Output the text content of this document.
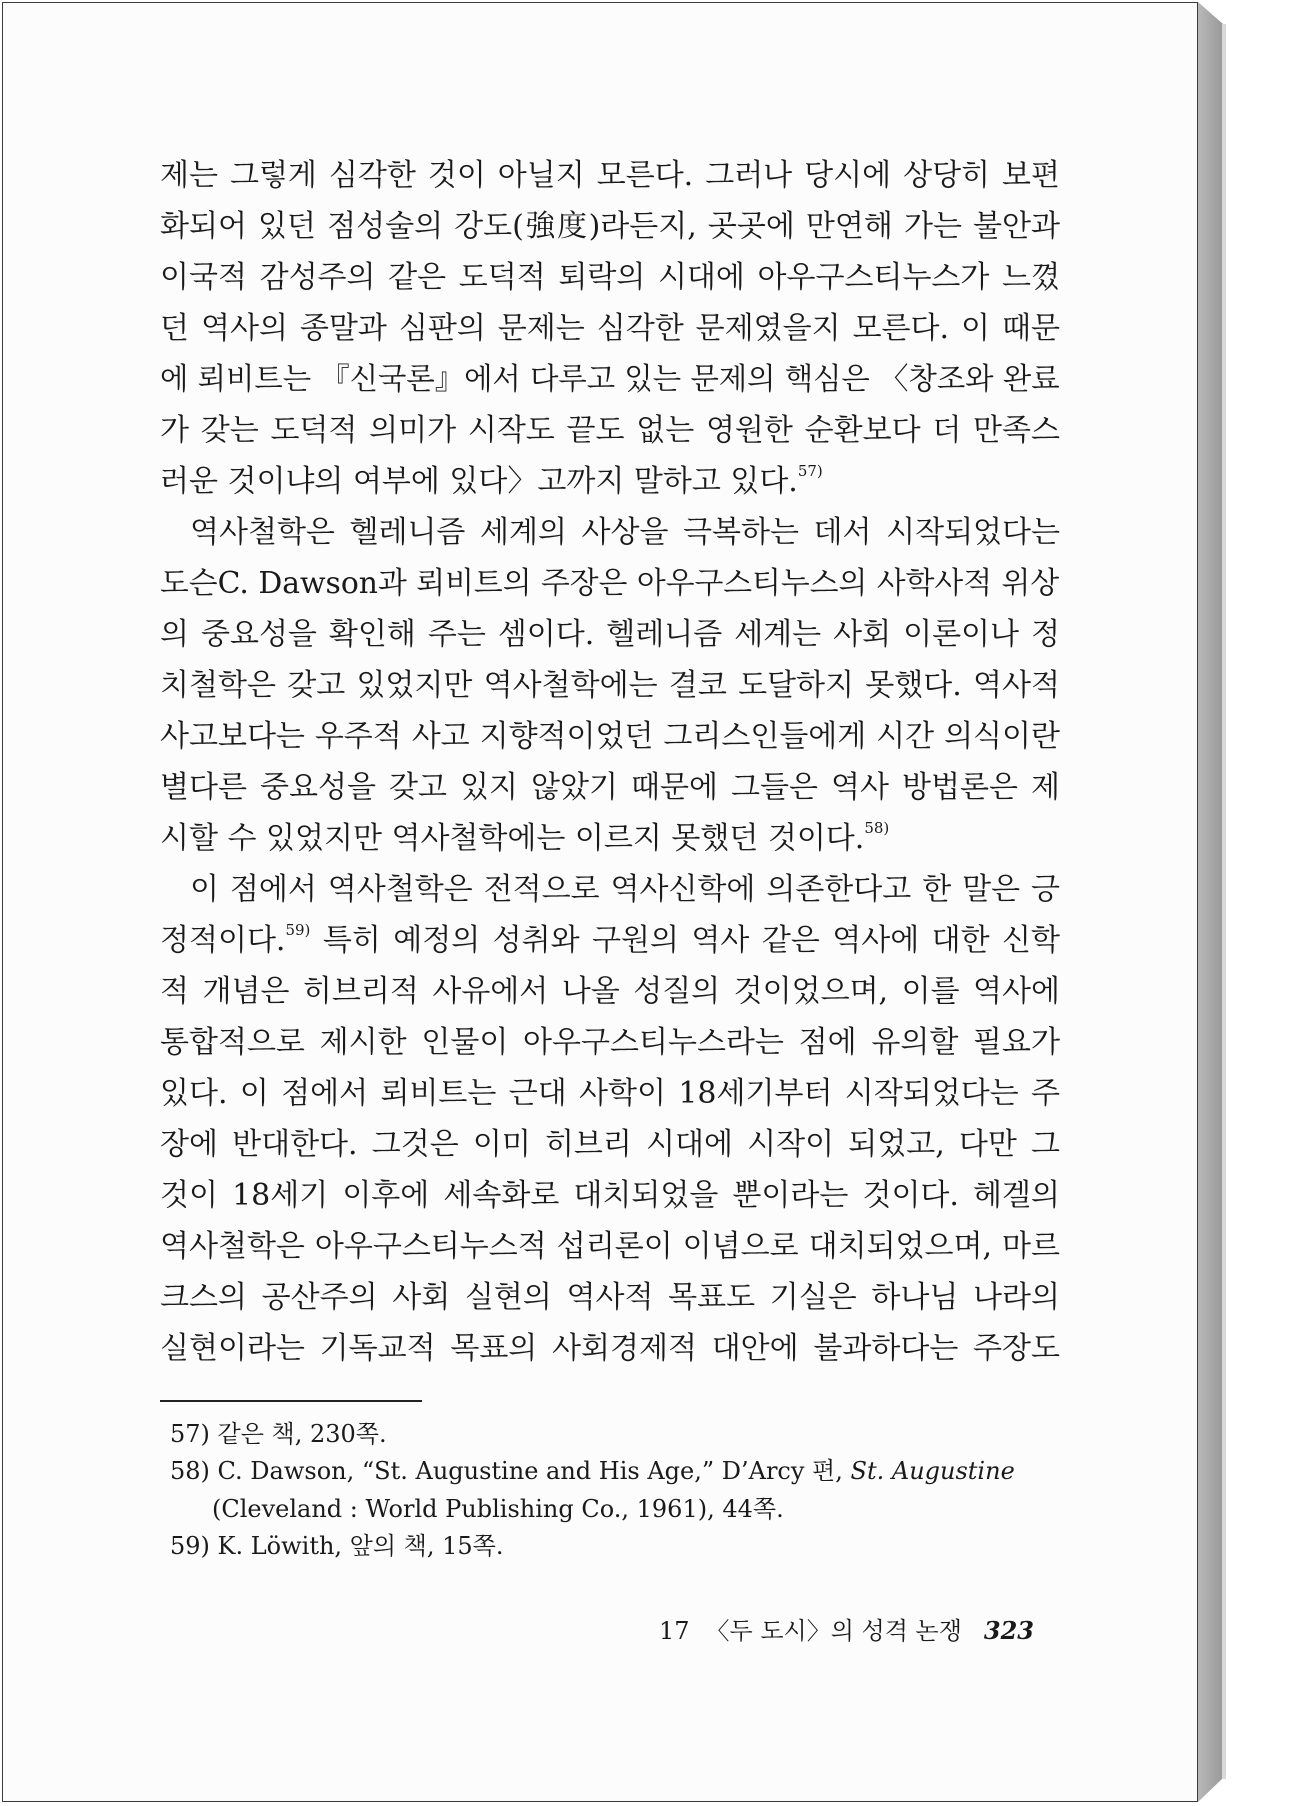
제는 그렇게 심각한 것이 아닐지 모른다. 그러나 당시에 상당히 보편
화되어 있던 점성술의 강도(強度)라든지, 곳곳에 만연해 가는 불안과
이국적 감성주의 같은 도덕적 퇴락의 시대에 아우구스티누스가 느꼈
던 역사의 종말과 심판의 문제는 심각한 문제였을지 모른다. 이 때문
에 뢰비트는 『신국론』에서 다루고 있는 문제의 핵심은 〈창조와 완료
가 갖는 도덕적 의미가 시작도 끝도 없는 영원한 순환보다 더 만족스
러운 것이냐의 여부에 있다〉고까지 말하고 있다.$^{57)}$
역사철학은 헬레니즘 세계의 사상을 극복하는 데서 시작되었다는
도슨C. Dawson과 뢰비트의 주장은 아우구스티누스의 사학사적 위상
의 중요성을 확인해 주는 셈이다. 헬레니즘 세계는 사회 이론이나 정
치철학은 갖고 있었지만 역사철학에는 결코 도달하지 못했다. 역사적
사고보다는 우주적 사고 지향적이었던 그리스인들에게 시간 의식이란
별다른 중요성을 갖고 있지 않았기 때문에 그들은 역사 방법론은 제
시할 수 있었지만 역사철학에는 이르지 못했던 것이다.$^{58)}$
이 점에서 역사철학은 전적으로 역사신학에 의존한다고 한 말은 긍
정적이다.$^{59)}$ 특히 예정의 성취와 구원의 역사 같은 역사에 대한 신학
적 개념은 히브리적 사유에서 나올 성질의 것이었으며, 이를 역사에
통합적으로 제시한 인물이 아우구스티누스라는 점에 유의할 필요가
있다. 이 점에서 뢰비트는 근대 사학이 18세기부터 시작되었다는 주
장에 반대한다. 그것은 이미 히브리 시대에 시작이 되었고, 다만 그
것이 18세기 이후에 세속화로 대치되었을 뿐이라는 것이다. 헤겔의
역사철학은 아우구스티누스적 섭리론이 이념으로 대치되었으며, 마르
크스의 공산주의 사회 실현의 역사적 목표도 기실은 하나님 나라의
실현이라는 기독교적 목표의 사회경제적 대안에 불과하다는 주장도
57) 같은 책, 230쪽.
58) C. Dawson, “St. Augustine and His Age,” D’Arcy 편, St. Augustine
(Cleveland : World Publishing Co., 1961), 44쪽.
59) K. Löwith, 앞의 책, 15쪽.
17 〈두 도시〉의 성격 논쟁 323
